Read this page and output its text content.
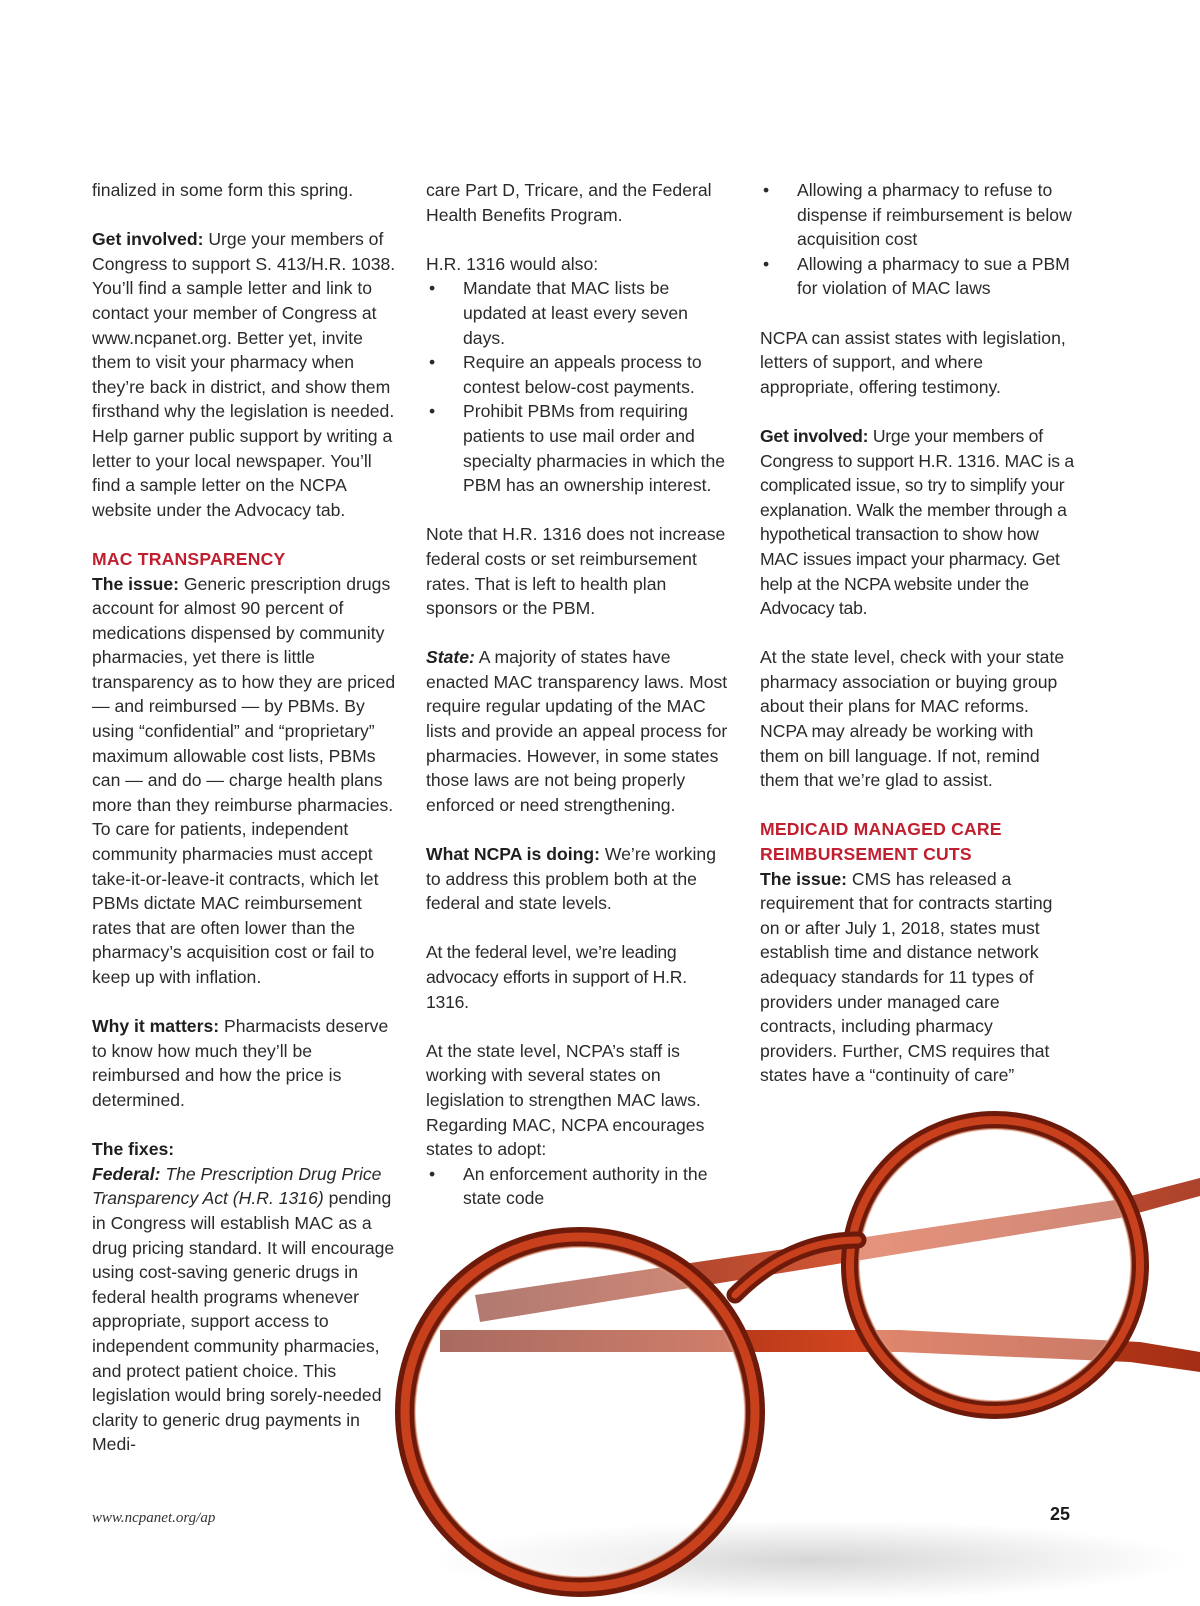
finalized in some form this spring.

Get involved: Urge your members of Congress to support S. 413/H.R. 1038. You’ll find a sample letter and link to contact your member of Congress at www.ncpanet.org. Better yet, invite them to visit your pharmacy when they’re back in district, and show them firsthand why the legislation is needed. Help garner public support by writing a letter to your local newspaper. You’ll find a sample letter on the NCPA website under the Advocacy tab.

MAC TRANSPARENCY

The issue: Generic prescription drugs account for almost 90 percent of medications dispensed by community pharmacies, yet there is little transparency as to how they are priced — and reimbursed — by PBMs. By using “confidential” and “proprietary” maximum allowable cost lists, PBMs can — and do — charge health plans more than they reimburse pharmacies. To care for patients, independent community pharmacies must accept take-it-or-leave-it contracts, which let PBMs dictate MAC reimbursement rates that are often lower than the pharmacy’s acquisition cost or fail to keep up with inflation.

Why it matters: Pharmacists deserve to know how much they’ll be reimbursed and how the price is determined.

The fixes:

Federal: The Prescription Drug Price Transparency Act (H.R. 1316) pending in Congress will establish MAC as a drug pricing standard. It will encourage using cost-saving generic drugs in federal health programs whenever appropriate, support access to independent community pharmacies, and protect patient choice. This legislation would bring sorely-needed clarity to generic drug payments in Medi-

care Part D, Tricare, and the Federal Health Benefits Program.

H.R. 1316 would also:

• Mandate that MAC lists be updated at least every seven days.
• Require an appeals process to contest below-cost payments.
• Prohibit PBMs from requiring patients to use mail order and specialty pharmacies in which the PBM has an ownership interest.

Note that H.R. 1316 does not increase federal costs or set reimbursement rates. That is left to health plan sponsors or the PBM.

State: A majority of states have enacted MAC transparency laws. Most require regular updating of the MAC lists and provide an appeal process for pharmacies. However, in some states those laws are not being properly enforced or need strengthening.

What NCPA is doing: We’re working to address this problem both at the federal and state levels.

At the federal level, we’re leading advocacy efforts in support of H.R. 1316.

At the state level, NCPA’s staff is working with several states on legislation to strengthen MAC laws. Regarding MAC, NCPA encourages states to adopt:

• An enforcement authority in the state code
• Allowing a pharmacy to refuse to dispense if reimbursement is below acquisition cost
• Allowing a pharmacy to sue a PBM for violation of MAC laws

NCPA can assist states with legislation, letters of support, and where appropriate, offering testimony.

Get involved: Urge your members of Congress to support H.R. 1316. MAC is a complicated issue, so try to simplify your explanation. Walk the member through a hypothetical transaction to show how MAC issues impact your pharmacy. Get help at the NCPA website under the Advocacy tab.

At the state level, check with your state pharmacy association or buying group about their plans for MAC reforms. NCPA may already be working with them on bill language. If not, remind them that we’re glad to assist.

MEDICAID MANAGED CARE
REIMBURSEMENT CUTS

The issue: CMS has released a requirement that for contracts starting on or after July 1, 2018, states must establish time and distance network adequacy standards for 11 types of providers under managed care contracts, including pharmacy providers. Further, CMS requires that states have a “continuity of care”

www.ncpanet.org/ap	25
